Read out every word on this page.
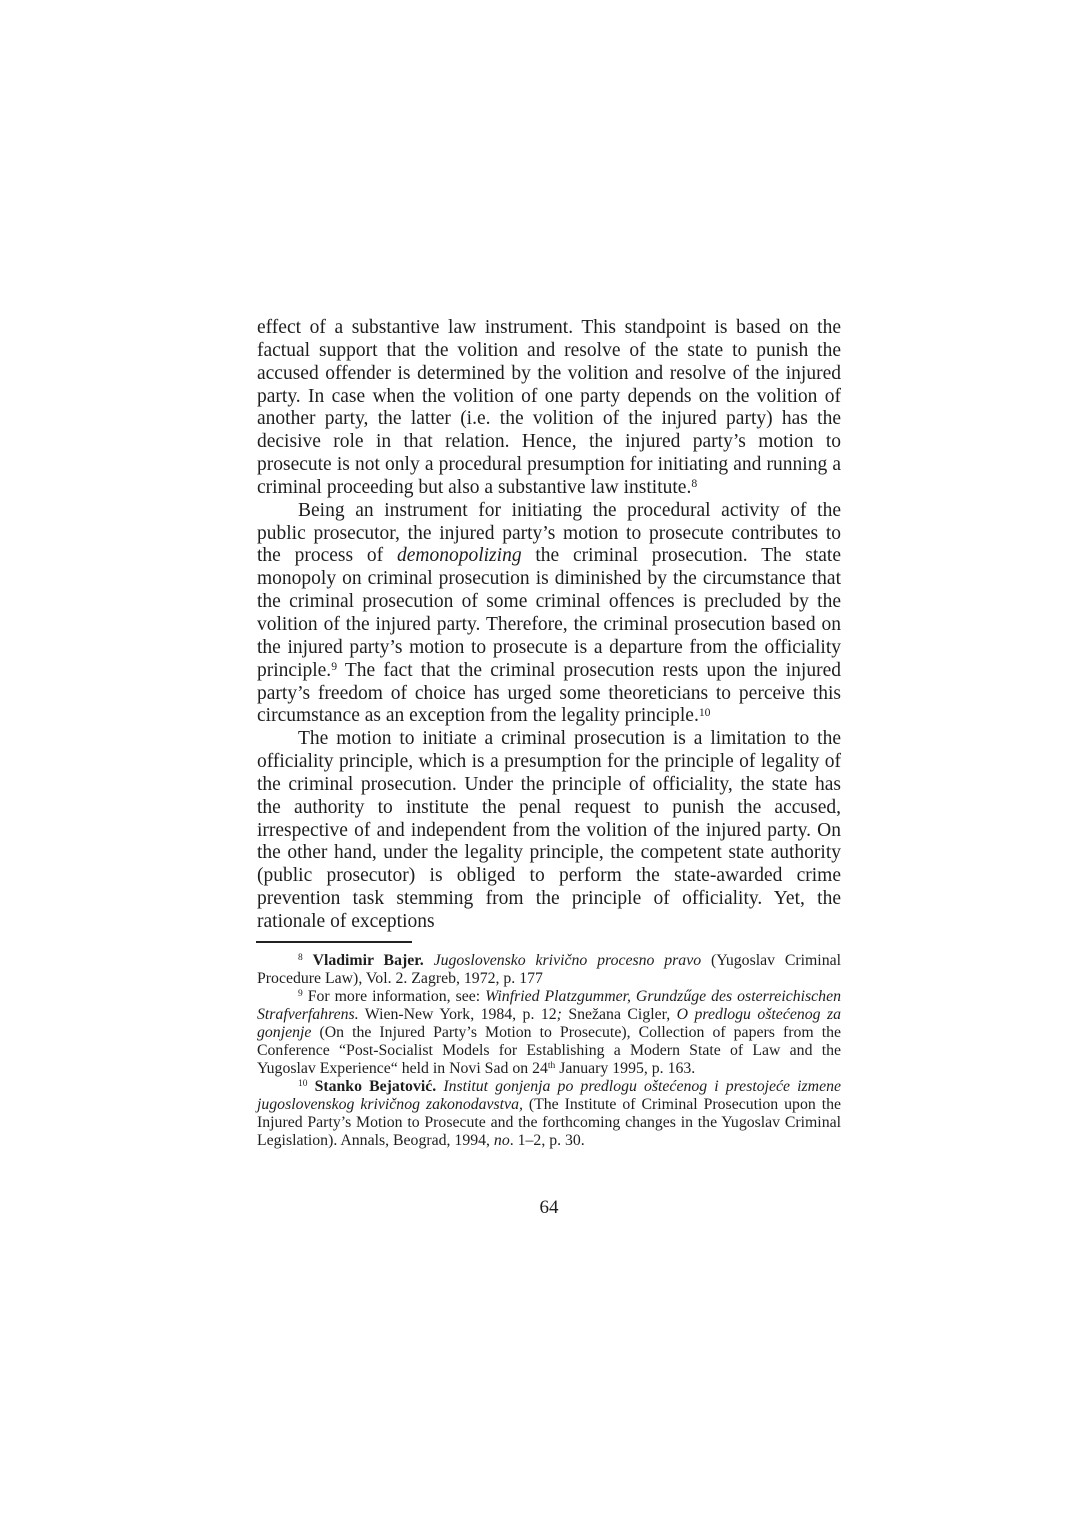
effect of a substantive law instrument. This standpoint is based on the factual support that the volition and resolve of the state to punish the accused offender is determined by the volition and resolve of the injured party. In case when the volition of one party depends on the volition of another party, the latter (i.e. the volition of the injured party) has the decisive role in that relation. Hence, the injured party’s motion to prosecute is not only a procedural presumption for initiating and running a criminal proceeding but also a substantive law institute.$^8$

Being an instrument for initiating the procedural activity of the public prosecutor, the injured party’s motion to prosecute contributes to the process of demonopolizing the criminal prosecution. The state monopoly on criminal prosecution is diminished by the circumstance that the criminal prosecution of some criminal offences is precluded by the volition of the injured party. Therefore, the criminal prosecution based on the injured party’s motion to prosecute is a departure from the officiality principle.$^9$ The fact that the criminal prosecution rests upon the injured party’s freedom of choice has urged some theoreticians to perceive this circumstance as an exception from the legality principle.$^{10}$

The motion to initiate a criminal prosecution is a limitation to the officiality principle, which is a presumption for the principle of legality of the criminal prosecution. Under the principle of officiality, the state has the authority to institute the penal request to punish the accused, irrespective of and independent from the volition of the injured party. On the other hand, under the legality principle, the competent state authority (public prosecutor) is obliged to perform the state-awarded crime prevention task stemming from the principle of officiality. Yet, the rationale of exceptions

$^8$ Vladimir Bajer. Jugoslovensko krivično procesno pravo (Yugoslav Criminal Procedure Law), Vol. 2. Zagreb, 1972, p. 177

$^9$ For more information, see: Winfried Platzgummer, Grundzűge des osterreichischen Strafverfahrens. Wien-New York, 1984, p. 12; Snežana Cigler, O predlogu oštećenog za gonjenje (On the Injured Party’s Motion to Prosecute), Collection of papers from the Conference “Post-Socialist Models for Establishing a Modern State of Law and the Yugoslav Experience“ held in Novi Sad on 24th January 1995, p. 163.

$^{10}$ Stanko Bejatović. Institut gonjenja po predlogu oštećenog i prestojeće izmene jugoslovenskog krivičnog zakonodavstva, (The Institute of Criminal Prosecution upon the Injured Party’s Motion to Prosecute and the forthcoming changes in the Yugoslav Criminal Legislation). Annals, Beograd, 1994, no. 1–2, p. 30.

64
